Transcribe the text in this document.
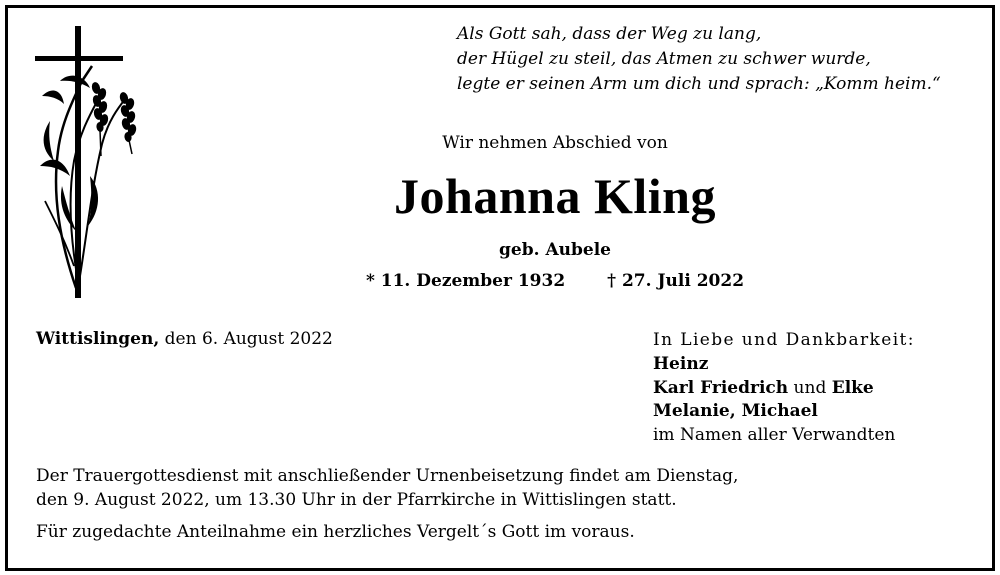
Als Gott sah, dass der Weg zu lang,
der Hügel zu steil, das Atmen zu schwer wurde,
legte er seinen Arm um dich und sprach: „Komm heim.“
Wir nehmen Abschied von
Johanna Kling
geb. Aubele
* 11. Dezember 1932 † 27. Juli 2022
Wittislingen, den 6. August 2022	In Liebe und Dankbarkeit:
Heinz
Karl Friedrich und Elke
Melanie, Michael
im Namen aller Verwandten
Der Trauergottesdienst mit anschließender Urnenbeisetzung findet am Dienstag,
den 9. August 2022, um 13.30 Uhr in der Pfarrkirche in Wittislingen statt.
Für zugedachte Anteilnahme ein herzliches Vergelt´s Gott im voraus.
